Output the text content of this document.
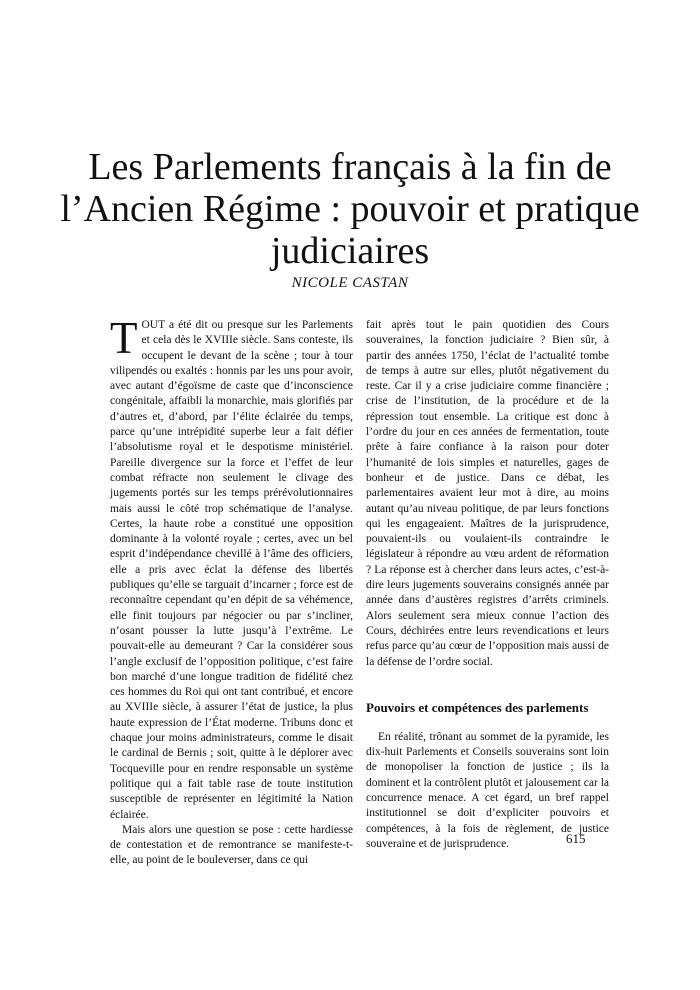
Les Parlements français à la fin de l’Ancien Régime : pouvoir et pratique judiciaires
NICOLE CASTAN

TOUT a été dit ou presque sur les Parlements et cela dès le XVIIIe siècle. Sans conteste, ils occupent le devant de la scène ; tour à tour vilipendés ou exaltés : honnis par les uns pour avoir, avec autant d’égoïsme de caste que d’inconscience congénitale, affaibli la monarchie, mais glorifiés par d’autres et, d’abord, par l’élite éclairée du temps, parce qu’une intrépidité superbe leur a fait défier l’absolutisme royal et le despotisme ministériel. Pareille divergence sur la force et l’effet de leur combat réfracte non seulement le clivage des jugements portés sur les temps prérévolutionnaires mais aussi le côté trop schématique de l’analyse. Certes, la haute robe a constitué une opposition dominante à la volonté royale ; certes, avec un bel esprit d’indépendance chevillé à l’âme des officiers, elle a pris avec éclat la défense des libertés publiques qu’elle se targuait d’incarner ; force est de reconnaître cependant qu’en dépit de sa véhémence, elle finit toujours par négocier ou par s’incliner, n’osant pousser la lutte jusqu’à l’extrême. Le pouvait-elle au demeurant ? Car la considérer sous l’angle exclusif de l’opposition politique, c’est faire bon marché d’une longue tradition de fidélité chez ces hommes du Roi qui ont tant contribué, et encore au XVIIIe siècle, à assurer l’état de justice, la plus haute expression de l’État moderne. Tribuns donc et chaque jour moins administrateurs, comme le disait le cardinal de Bernis ; soit, quitte à le déplorer avec Tocqueville pour en rendre responsable un système politique qui a fait table rase de toute institution susceptible de représenter en légitimité la Nation éclairée.

Mais alors une question se pose : cette hardiesse de contestation et de remontrance se manifeste-t-elle, au point de le bouleverser, dans ce qui

fait après tout le pain quotidien des Cours souveraines, la fonction judiciaire ? Bien sûr, à partir des années 1750, l’éclat de l’actualité tombe de temps à autre sur elles, plutôt négativement du reste. Car il y a crise judiciaire comme financière ; crise de l’institution, de la procédure et de la répression tout ensemble. La critique est donc à l’ordre du jour en ces années de fermentation, toute prête à faire confiance à la raison pour doter l’humanité de lois simples et naturelles, gages de bonheur et de justice. Dans ce débat, les parlementaires avaient leur mot à dire, au moins autant qu’au niveau politique, de par leurs fonctions qui les engageaient. Maîtres de la jurisprudence, pouvaient-ils ou voulaient-ils contraindre le législateur à répondre au vœu ardent de réformation ? La réponse est à chercher dans leurs actes, c’est-à-dire leurs jugements souverains consignés année par année dans d’austères registres d’arrêts criminels. Alors seulement sera mieux connue l’action des Cours, déchirées entre leurs revendications et leurs refus parce qu’au cœur de l’opposition mais aussi de la défense de l’ordre social.

Pouvoirs et compétences des parlements

En réalité, trônant au sommet de la pyramide, les dix-huit Parlements et Conseils souverains sont loin de monopoliser la fonction de justice ; ils la dominent et la contrôlent plutôt et jalousement car la concurrence menace. A cet égard, un bref rappel institutionnel se doit d’expliciter pouvoirs et compétences, à la fois de règlement, de justice souveraine et de jurisprudence.	615
